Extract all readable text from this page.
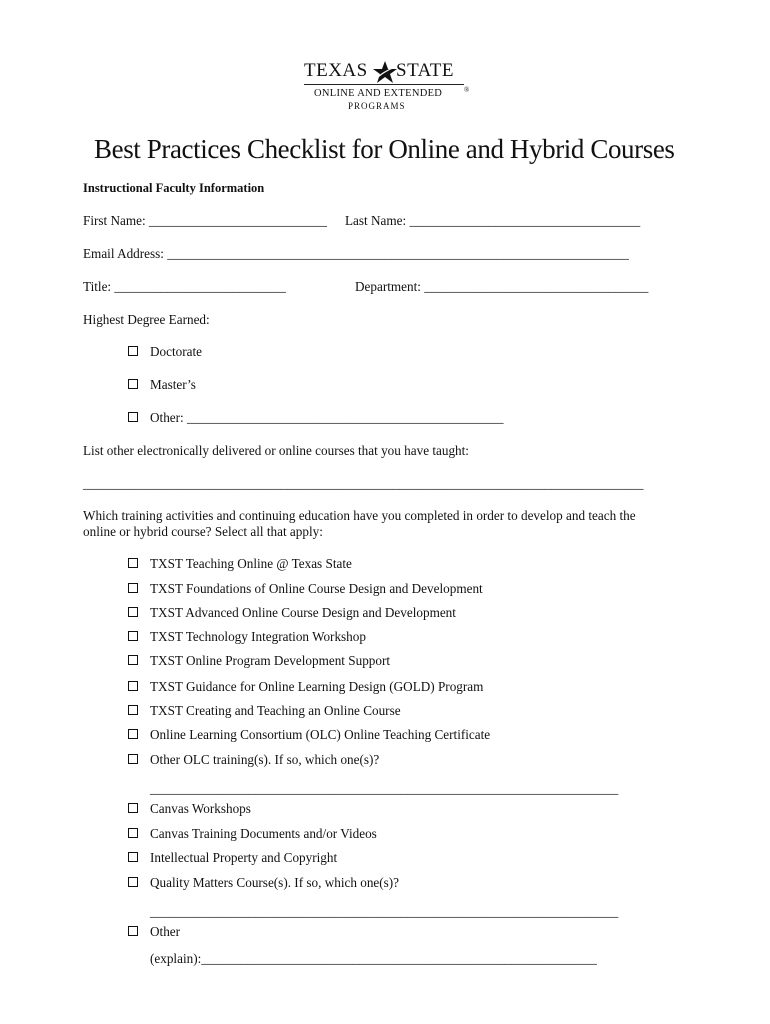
TEXAS STATE
ONLINE AND EXTENDED
PROGRAMS
®
Best Practices Checklist for Online and Hybrid Courses
Instructional Faculty Information
First Name: ___________________________ Last Name: ___________________________________
Email Address: ______________________________________________________________________
Title: __________________________	Department: __________________________________
Highest Degree Earned:
Doctorate
Master’s
Other: ________________________________________________
List other electronically delivered or online courses that you have taught:
_____________________________________________________________________________________
Which training activities and continuing education have you completed in order to develop and teach the
online or hybrid course? Select all that apply:
TXST Teaching Online @ Texas State
TXST Foundations of Online Course Design and Development
TXST Advanced Online Course Design and Development
TXST Technology Integration Workshop
TXST Online Program Development Support
TXST Guidance for Online Learning Design (GOLD) Program
TXST Creating and Teaching an Online Course
Online Learning Consortium (OLC) Online Teaching Certificate
Other OLC training(s). If so, which one(s)?
_______________________________________________________________________
Canvas Workshops
Canvas Training Documents and/or Videos
Intellectual Property and Copyright
Quality Matters Course(s). If so, which one(s)?
_______________________________________________________________________
Other
(explain):____________________________________________________________
